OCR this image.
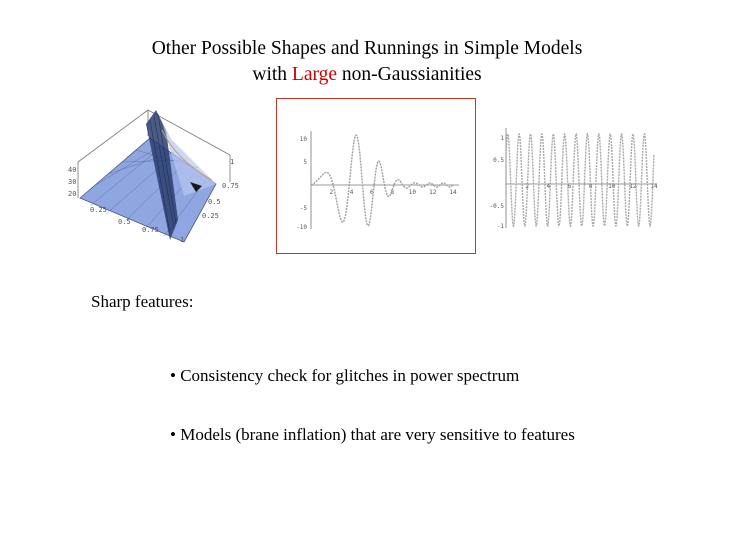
Other Possible Shapes and Runnings in Simple Models
with Large non-Gaussianities
40
30
20
0.25
0.5
0.75
1
1
0.75
0.5
0.25
2	4	6	8 10 12 14
10
5
-5
-10
2	4	6	8	10 12 14
1
0.5
-0.5
-1
Sharp features:
• Consistency check for glitches in power spectrum
• Models (brane inflation) that are very sensitive to features
